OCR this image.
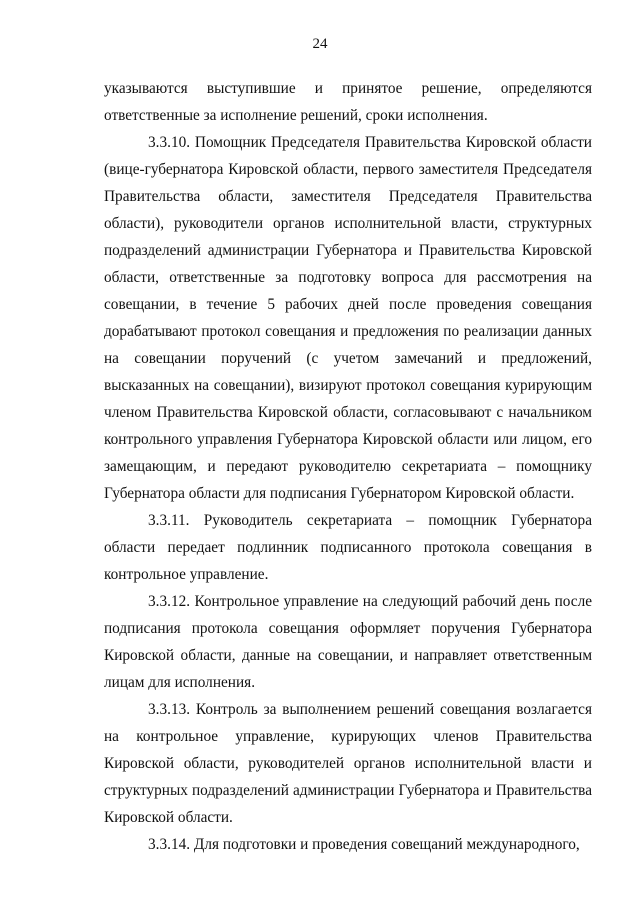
24

указываются выступившие и принятое решение, определяются ответственные за исполнение решений, сроки исполнения.

3.3.10. Помощник Председателя Правительства Кировской области (вице-губернатора Кировской области, первого заместителя Председателя Правительства области, заместителя Председателя Правительства области), руководители органов исполнительной власти, структурных подразделений администрации Губернатора и Правительства Кировской области, ответственные за подготовку вопроса для рассмотрения на совещании, в течение 5 рабочих дней после проведения совещания дорабатывают протокол совещания и предложения по реализации данных на совещании поручений (с учетом замечаний и предложений, высказанных на совещании), визируют протокол совещания курирующим членом Правительства Кировской области, согласовывают с начальником контрольного управления Губернатора Кировской области или лицом, его замещающим, и передают руководителю секретариата – помощнику Губернатора области для подписания Губернатором Кировской области.

3.3.11. Руководитель секретариата – помощник Губернатора области передает подлинник подписанного протокола совещания в контрольное управление.

3.3.12. Контрольное управление на следующий рабочий день после подписания протокола совещания оформляет поручения Губернатора Кировской области, данные на совещании, и направляет ответственным лицам для исполнения.

3.3.13. Контроль за выполнением решений совещания возлагается на контрольное управление, курирующих членов Правительства Кировской области, руководителей органов исполнительной власти и структурных подразделений администрации Губернатора и Правительства Кировской области.

3.3.14. Для подготовки и проведения совещаний международного,
